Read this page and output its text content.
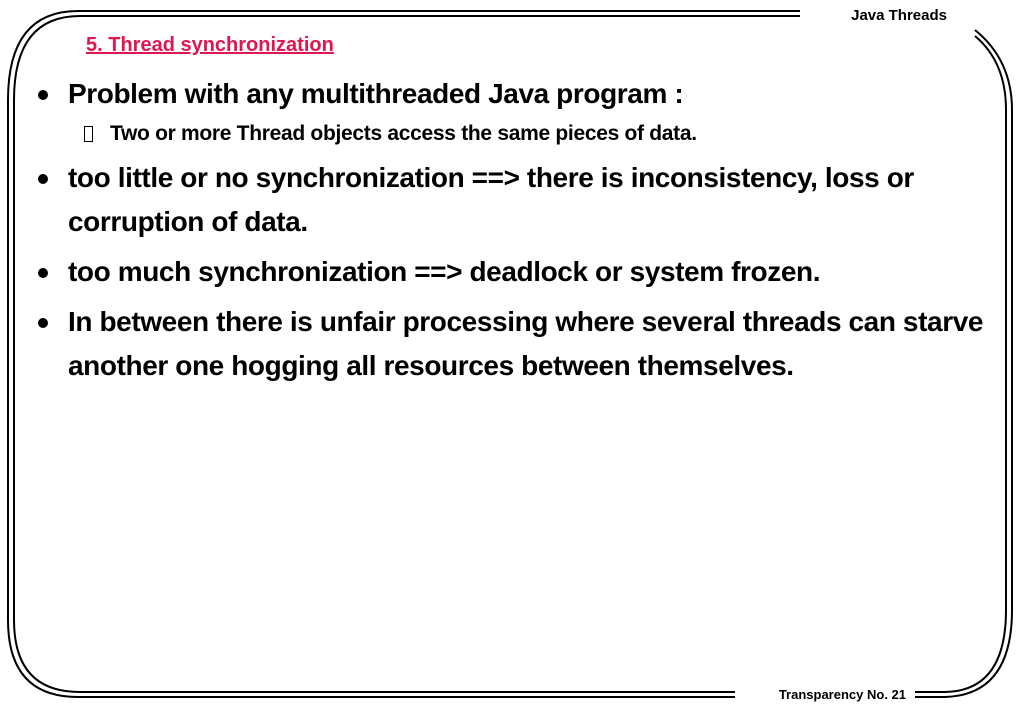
Java Threads
5. Thread synchronization
Problem with any multithreaded Java program :
Two or more Thread objects access the same pieces of data.
too little or no synchronization ==> there is inconsistency, loss or corruption of data.
too much synchronization ==> deadlock or system frozen.
In between there is unfair processing where several threads can starve another one hogging all resources between themselves.
Transparency No. 21
